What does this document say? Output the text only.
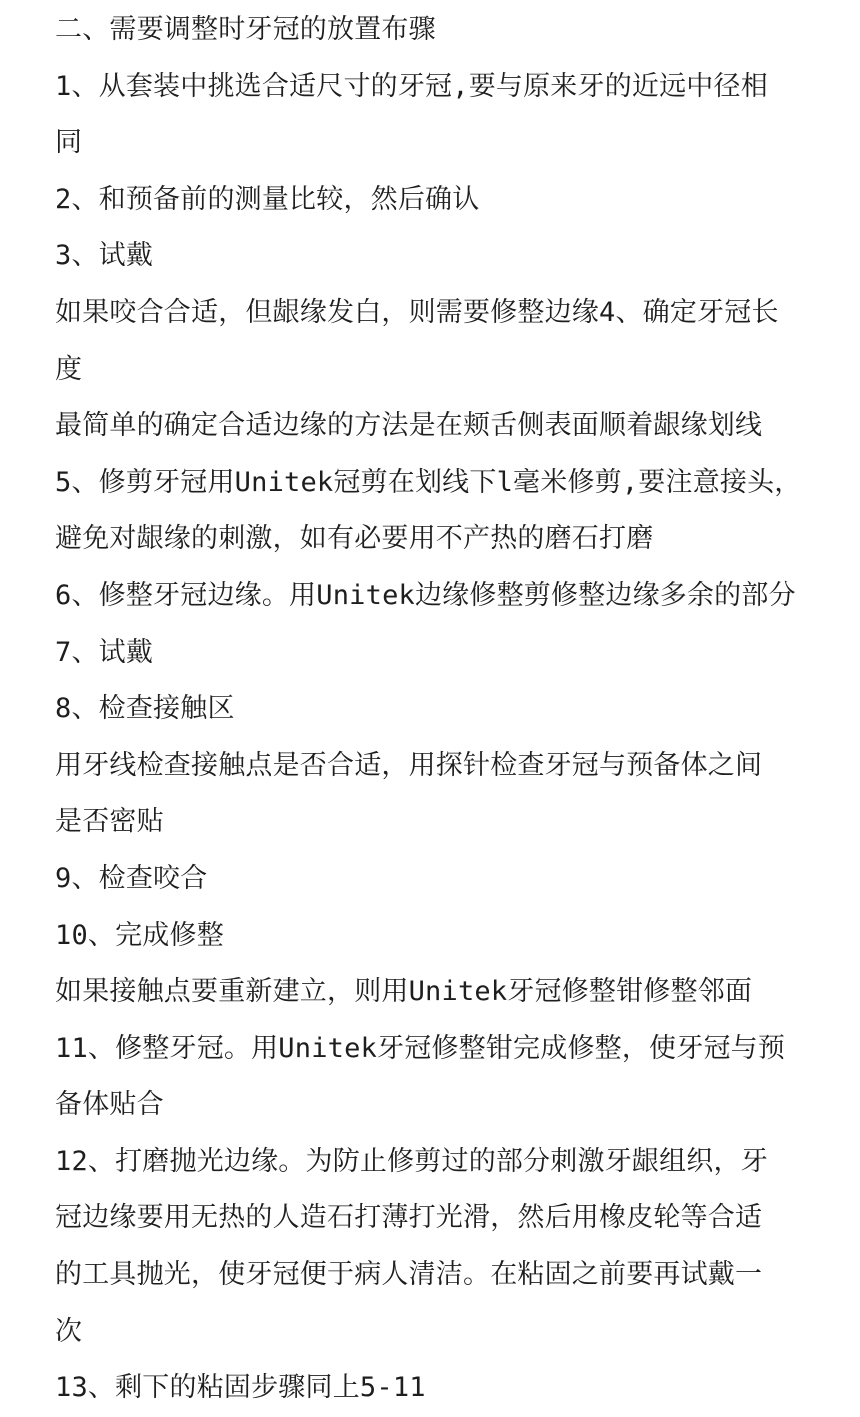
二、需要调整时牙冠的放置布骤
1、从套装中挑选合适尺寸的牙冠,要与原来牙的近远中径相
同
2、和预备前的测量比较，然后确认
3、试戴
如果咬合合适，但龈缘发白，则需要修整边缘4、确定牙冠长
度
最简单的确定合适边缘的方法是在颊舌侧表面顺着龈缘划线
5、修剪牙冠用Unitek冠剪在划线下l毫米修剪,要注意接头，
避免对龈缘的刺激，如有必要用不产热的磨石打磨
6、修整牙冠边缘。用Unitek边缘修整剪修整边缘多余的部分
7、试戴
8、检查接触区
用牙线检查接触点是否合适，用探针检查牙冠与预备体之间
是否密贴
9、检查咬合
10、完成修整
如果接触点要重新建立，则用Unitek牙冠修整钳修整邻面
11、修整牙冠。用Unitek牙冠修整钳完成修整，使牙冠与预
备体贴合
12、打磨抛光边缘。为防止修剪过的部分刺激牙龈组织，牙
冠边缘要用无热的人造石打薄打光滑，然后用橡皮轮等合适
的工具抛光，使牙冠便于病人清洁。在粘固之前要再试戴一
次
13、剩下的粘固步骤同上5-11
